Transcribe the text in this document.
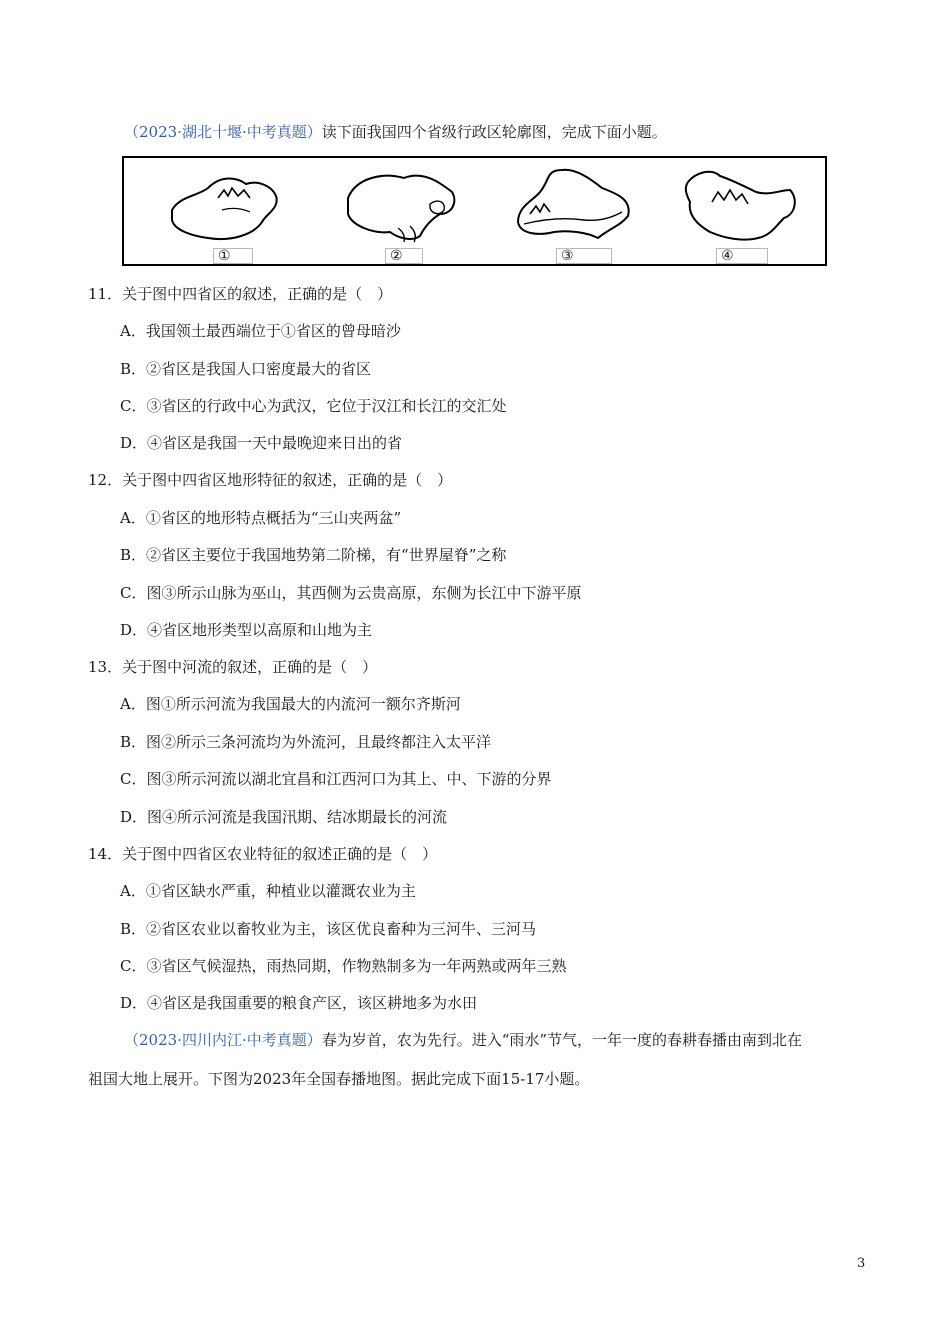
（2023·湖北十堰·中考真题）读下面我国四个省级行政区轮廓图，完成下面小题。
①	②	③	④
11．关于图中四省区的叙述，正确的是（　）
A．我国领土最西端位于①省区的曾母暗沙
B．②省区是我国人口密度最大的省区
C．③省区的行政中心为武汉，它位于汉江和长江的交汇处
D．④省区是我国一天中最晚迎来日出的省
12．关于图中四省区地形特征的叙述，正确的是（　）
A．①省区的地形特点概括为“三山夹两盆”
B．②省区主要位于我国地势第二阶梯，有“世界屋脊”之称
C．图③所示山脉为巫山，其西侧为云贵高原，东侧为长江中下游平原
D．④省区地形类型以高原和山地为主
13．关于图中河流的叙述，正确的是（　）
A．图①所示河流为我国最大的内流河一额尔齐斯河
B．图②所示三条河流均为外流河，且最终都注入太平洋
C．图③所示河流以湖北宜昌和江西河口为其上、中、下游的分界
D．图④所示河流是我国汛期、结冰期最长的河流
14．关于图中四省区农业特征的叙述正确的是（　）
A．①省区缺水严重，种植业以灌溉农业为主
B．②省区农业以畜牧业为主，该区优良畜种为三河牛、三河马
C．③省区气候湿热，雨热同期，作物熟制多为一年两熟或两年三熟
D．④省区是我国重要的粮食产区，该区耕地多为水田
（2023·四川内江·中考真题）春为岁首，农为先行。进入“雨水”节气，一年一度的春耕春播由南到北在
祖国大地上展开。下图为2023年全国春播地图。据此完成下面15-17小题。
3
